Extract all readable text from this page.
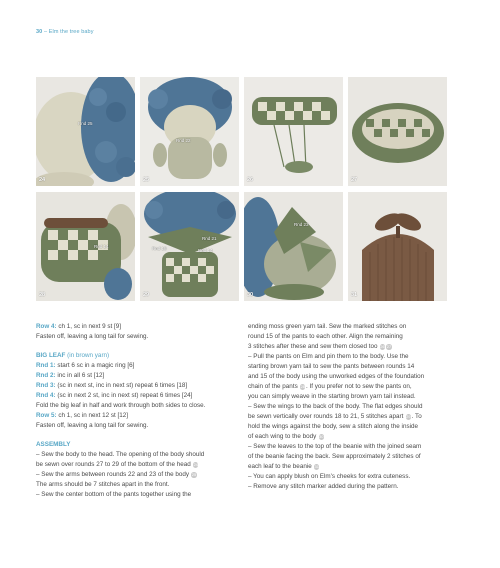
30 – Elm the tree baby
Rnd 25
24
Rnd 22
25	26	27
Rnd 14
28
Rnd 21
Rnd 18	Rnd 14
29
Rnd 23
30	31

Row 4: ch 1, sc in next 9 st [9]

Fasten off, leaving a long tail for sewing.

BIG LEAF (in brown yarn)

Rnd 1: start 6 sc in a magic ring [6]

Rnd 2: inc in all 6 st [12]

Rnd 3: (sc in next st, inc in next st) repeat 6 times [18]

Rnd 4: (sc in next 2 st, inc in next st) repeat 6 times [24]

Fold the big leaf in half and work through both sides to close.

Row 5: ch 1, sc in next 12 st [12]

Fasten off, leaving a long tail for sewing.

ASSEMBLY

– Sew the body to the head. The opening of the body should

be sewn over rounds 27 to 29 of the bottom of the head 24

– Sew the arms between rounds 22 and 23 of the body 25

The arms should be 7 stitches apart in the front.

– Sew the center bottom of the pants together using the

ending moss green yarn tail. Sew the marked stitches on

round 15 of the pants to each other. Align the remaining

3 stitches after these and sew them closed too 26 27

– Pull the pants on Elm and pin them to the body. Use the

starting brown yarn tail to sew the pants between rounds 14

and 15 of the body using the unworked edges of the foundation

chain of the pants 28. If you prefer not to sew the pants on,

you can simply weave in the starting brown yarn tail instead.

– Sew the wings to the back of the body. The flat edges should

be sewn vertically over rounds 18 to 21, 5 stitches apart 29. To

hold the wings against the body, sew a stitch along the inside

of each wing to the body 30

– Sew the leaves to the top of the beanie with the joined seam

of the beanie facing the back. Sew approximately 2 stitches of

each leaf to the beanie 31

– You can apply blush on Elm's cheeks for extra cuteness.

– Remove any stitch marker added during the pattern.
